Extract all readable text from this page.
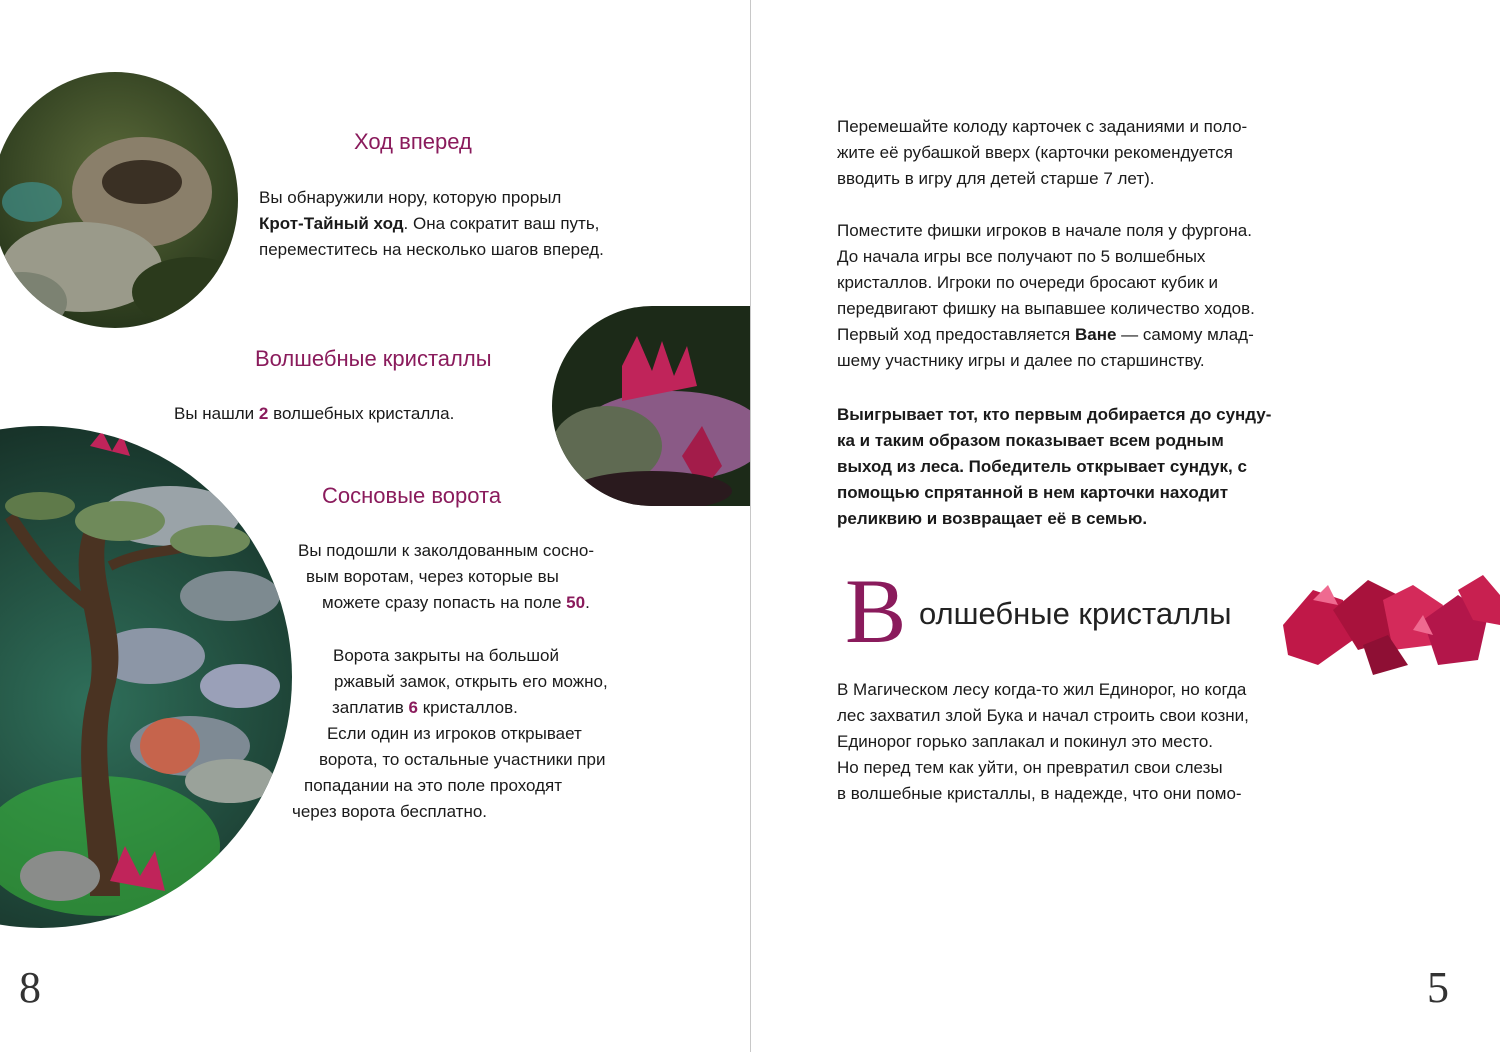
Ход вперед
Вы обнаружили нору, которую прорыл
Крот-Тайный ход. Она сократит ваш путь,
переместитесь на несколько шагов вперед.
Волшебные кристаллы
Вы нашли 2 волшебных кристалла.
Сосновые ворота
Вы подошли к заколдованным сосно-
вым воротам, через которые вы
можете сразу попасть на поле 50.
Ворота закрыты на большой
ржавый замок, открыть его можно,
заплатив 6 кристаллов.
Если один из игроков открывает
ворота, то остальные участники при
попадании на это поле проходят
через ворота бесплатно.
8
Перемешайте колоду карточек с заданиями и поло-
жите её рубашкой вверх (карточки рекомендуется
вводить в игру для детей старше 7 лет).
Поместите фишки игроков в начале поля у фургона.
До начала игры все получают по 5 волшебных
кристаллов. Игроки по очереди бросают кубик и
передвигают фишку на выпавшее количество ходов.
Первый ход предоставляется Ване — самому млад-
шему участнику игры и далее по старшинству.
Выигрывает тот, кто первым добирается до сунду-
ка и таким образом показывает всем родным
выход из леса. Победитель открывает сундук, с
помощью спрятанной в нем карточки находит
реликвию и возвращает её в семью.
В олшебные кристаллы
В Магическом лесу когда-то жил Единорог, но когда
лес захватил злой Бука и начал строить свои козни,
Единорог горько заплакал и покинул это место.
Но перед тем как уйти, он превратил свои слезы
в волшебные кристаллы, в надежде, что они помо-
5
